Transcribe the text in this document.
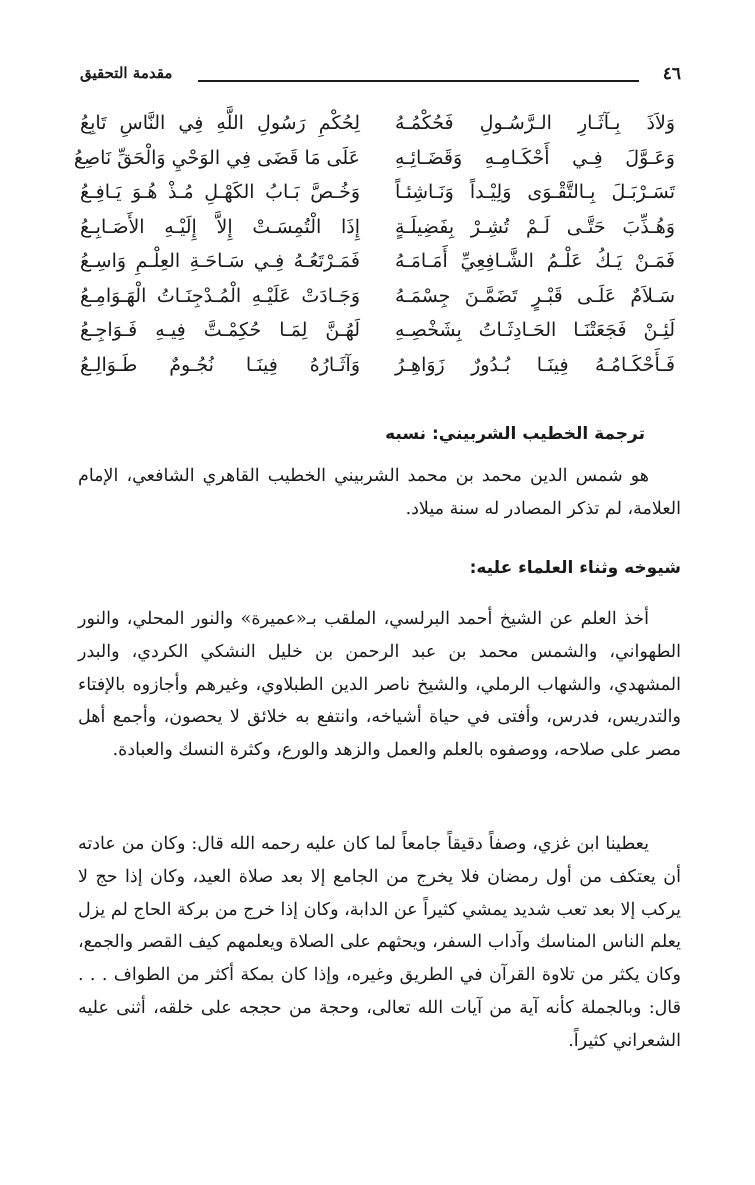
٤٦
مقدمة التحقيق
وَلاَذَ بِـآثَـارِ الـرَّسُـولِ فَحُكْمُـهُ
لِحُكْمِ رَسُولِ اللَّهِ فِي النَّاسِ تَابِعُ
وَعَـوَّلَ فِـي أَحْكَـامِـهِ وَقَضَـائِـهِ
عَلَى مَا قَضَى فِي الوَحْيِ وَالْحَقِّ نَاصِعُ
تَسَـرْبَـلَ بِـالتَّقْـوَى وَلِيْـداً وَنَـاشِئـاً
وَخُـصَّ بَـابُ الكَهْـلِ مُـذْ هُـوَ يَـافِـعُ
وَهُـذِّبَ حَتَّـى لَـمْ تُشِـرْ بِفَضِيلَـةٍ
إِذَا الْتُمِسَـتْ إِلاَّ إِلَيْـهِ الأَصَـابِـعُ
فَمَـنْ يَـكُ عَلْـمُ الشَّـافِعِيِّ أَمَـامَـهُ
فَمَـرْتَعُـهُ فِـي سَـاحَـةِ العِلْـمِ وَاسِـعُ
سَـلاَمٌ عَلَـى قَبْـرٍ تَضَمَّـنَ جِسْمَـهُ
وَجَـادَتْ عَلَيْـهِ الْمُـدْجِنَـاتُ الْهَـوَامِـعُ
لَئِـنْ فَجَعَتْنَـا الحَـادِثَـاتُ بِشَخْصِـهِ
لَهُـنَّ لِمَـا حُكِمْـتَّ فِيـهِ فَـوَاجِـعُ
فَـأَحْكَـامُـهُ فِينَـا بُـدُورٌ زَوَاهِـرُ
وَآثَـارُهُ فِينَـا نُجُـومٌ طَـوَالِـعُ
ترجمة الخطيب الشربيني: نسبه

هو شمس الدين محمد بن محمد الشربيني الخطيب القاهري الشافعي، الإمام العلامة، لم تذكر المصادر له سنة ميلاد.

شيوخه وثناء العلماء عليه:

أخذ العلم عن الشيخ أحمد البرلسي، الملقب بـ«عميرة» والنور المحلي، والنور الطهواني، والشمس محمد بن عبد الرحمن بن خليل النشكي الكردي، والبدر المشهدي، والشهاب الرملي، والشيخ ناصر الدين الطبلاوي، وغيرهم وأجازوه بالإفتاء والتدريس، فدرس، وأفتى في حياة أشياخه، وانتفع به خلائق لا يحصون، وأجمع أهل مصر على صلاحه، ووصفوه بالعلم والعمل والزهد والورع، وكثرة النسك والعبادة.

يعطينا ابن غزي، وصفاً دقيقاً جامعاً لما كان عليه رحمه الله قال: وكان من عادته أن يعتكف من أول رمضان فلا يخرج من الجامع إلا بعد صلاة العيد، وكان إذا حج لا يركب إلا بعد تعب شديد يمشي كثيراً عن الدابة، وكان إذا خرج من بركة الحاج لم يزل يعلم الناس المناسك وآداب السفر، ويحثهم على الصلاة ويعلمهم كيف القصر والجمع، وكان يكثر من تلاوة القرآن في الطريق وغيره، وإذا كان بمكة أكثر من الطواف . . . قال: وبالجملة كأنه آية من آيات الله تعالى، وحجة من حججه على خلقه، أثنى عليه الشعراني كثيراً.
